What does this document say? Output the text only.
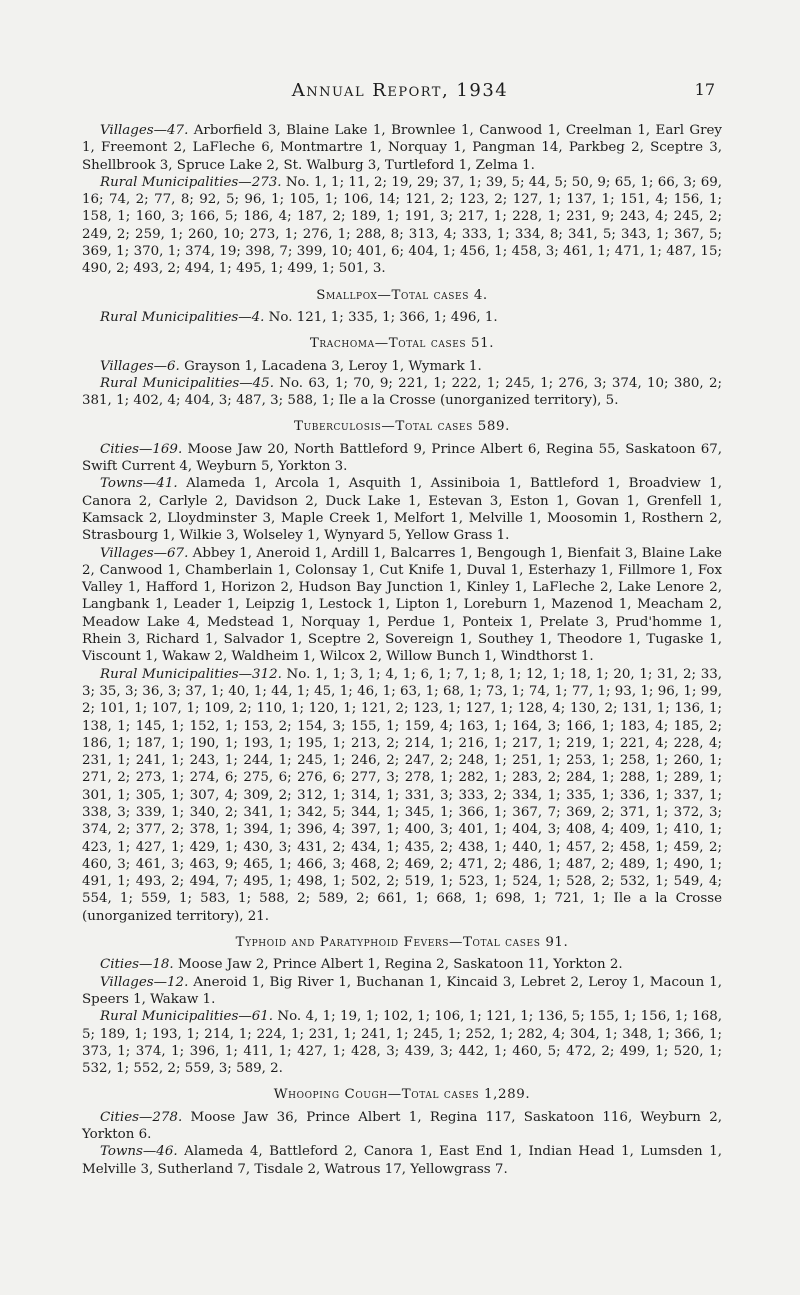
Annual Report, 1934	17

Villages—47. Arborfield 3, Blaine Lake 1, Brownlee 1, Canwood 1, Creelman 1, Earl Grey 1, Freemont 2, LaFleche 6, Montmartre 1, Norquay 1, Pangman 14, Parkbeg 2, Sceptre 3, Shellbrook 3, Spruce Lake 2, St. Walburg 3, Turtleford 1, Zelma 1.

Rural Municipalities—273. No. 1, 1; 11, 2; 19, 29; 37, 1; 39, 5; 44, 5; 50, 9; 65, 1; 66, 3; 69, 16; 74, 2; 77, 8; 92, 5; 96, 1; 105, 1; 106, 14; 121, 2; 123, 2; 127, 1; 137, 1; 151, 4; 156, 1; 158, 1; 160, 3; 166, 5; 186, 4; 187, 2; 189, 1; 191, 3; 217, 1; 228, 1; 231, 9; 243, 4; 245, 2; 249, 2; 259, 1; 260, 10; 273, 1; 276, 1; 288, 8; 313, 4; 333, 1; 334, 8; 341, 5; 343, 1; 367, 5; 369, 1; 370, 1; 374, 19; 398, 7; 399, 10; 401, 6; 404, 1; 456, 1; 458, 3; 461, 1; 471, 1; 487, 15; 490, 2; 493, 2; 494, 1; 495, 1; 499, 1; 501, 3.

Smallpox—Total cases 4.

Rural Municipalities—4. No. 121, 1; 335, 1; 366, 1; 496, 1.

Trachoma—Total cases 51.

Villages—6. Grayson 1, Lacadena 3, Leroy 1, Wymark 1.

Rural Municipalities—45. No. 63, 1; 70, 9; 221, 1; 222, 1; 245, 1; 276, 3; 374, 10; 380, 2; 381, 1; 402, 4; 404, 3; 487, 3; 588, 1; Ile a la Crosse (unorganized territory), 5.

Tuberculosis—Total cases 589.

Cities—169. Moose Jaw 20, North Battleford 9, Prince Albert 6, Regina 55, Saskatoon 67, Swift Current 4, Weyburn 5, Yorkton 3.

Towns—41. Alameda 1, Arcola 1, Asquith 1, Assiniboia 1, Battleford 1, Broadview 1, Canora 2, Carlyle 2, Davidson 2, Duck Lake 1, Estevan 3, Eston 1, Govan 1, Grenfell 1, Kamsack 2, Lloydminster 3, Maple Creek 1, Melfort 1, Melville 1, Moosomin 1, Rosthern 2, Strasbourg 1, Wilkie 3, Wolseley 1, Wynyard 5, Yellow Grass 1.

Villages—67. Abbey 1, Aneroid 1, Ardill 1, Balcarres 1, Bengough 1, Bienfait 3, Blaine Lake 2, Canwood 1, Chamberlain 1, Colonsay 1, Cut Knife 1, Duval 1, Esterhazy 1, Fillmore 1, Fox Valley 1, Hafford 1, Horizon 2, Hudson Bay Junction 1, Kinley 1, LaFleche 2, Lake Lenore 2, Langbank 1, Leader 1, Leipzig 1, Lestock 1, Lipton 1, Loreburn 1, Mazenod 1, Meacham 2, Meadow Lake 4, Medstead 1, Norquay 1, Perdue 1, Ponteix 1, Prelate 3, Prud'homme 1, Rhein 3, Richard 1, Salvador 1, Sceptre 2, Sovereign 1, Southey 1, Theodore 1, Tugaske 1, Viscount 1, Wakaw 2, Waldheim 1, Wilcox 2, Willow Bunch 1, Windthorst 1.

Rural Municipalities—312. No. 1, 1; 3, 1; 4, 1; 6, 1; 7, 1; 8, 1; 12, 1; 18, 1; 20, 1; 31, 2; 33, 3; 35, 3; 36, 3; 37, 1; 40, 1; 44, 1; 45, 1; 46, 1; 63, 1; 68, 1; 73, 1; 74, 1; 77, 1; 93, 1; 96, 1; 99, 2; 101, 1; 107, 1; 109, 2; 110, 1; 120, 1; 121, 2; 123, 1; 127, 1; 128, 4; 130, 2; 131, 1; 136, 1; 138, 1; 145, 1; 152, 1; 153, 2; 154, 3; 155, 1; 159, 4; 163, 1; 164, 3; 166, 1; 183, 4; 185, 2; 186, 1; 187, 1; 190, 1; 193, 1; 195, 1; 213, 2; 214, 1; 216, 1; 217, 1; 219, 1; 221, 4; 228, 4; 231, 1; 241, 1; 243, 1; 244, 1; 245, 1; 246, 2; 247, 2; 248, 1; 251, 1; 253, 1; 258, 1; 260, 1; 271, 2; 273, 1; 274, 6; 275, 6; 276, 6; 277, 3; 278, 1; 282, 1; 283, 2; 284, 1; 288, 1; 289, 1; 301, 1; 305, 1; 307, 4; 309, 2; 312, 1; 314, 1; 331, 3; 333, 2; 334, 1; 335, 1; 336, 1; 337, 1; 338, 3; 339, 1; 340, 2; 341, 1; 342, 5; 344, 1; 345, 1; 366, 1; 367, 7; 369, 2; 371, 1; 372, 3; 374, 2; 377, 2; 378, 1; 394, 1; 396, 4; 397, 1; 400, 3; 401, 1; 404, 3; 408, 4; 409, 1; 410, 1; 423, 1; 427, 1; 429, 1; 430, 3; 431, 2; 434, 1; 435, 2; 438, 1; 440, 1; 457, 2; 458, 1; 459, 2; 460, 3; 461, 3; 463, 9; 465, 1; 466, 3; 468, 2; 469, 2; 471, 2; 486, 1; 487, 2; 489, 1; 490, 1; 491, 1; 493, 2; 494, 7; 495, 1; 498, 1; 502, 2; 519, 1; 523, 1; 524, 1; 528, 2; 532, 1; 549, 4; 554, 1; 559, 1; 583, 1; 588, 2; 589, 2; 661, 1; 668, 1; 698, 1; 721, 1; Ile a la Crosse (unorganized territory), 21.

Typhoid and Paratyphoid Fevers—Total cases 91.

Cities—18. Moose Jaw 2, Prince Albert 1, Regina 2, Saskatoon 11, Yorkton 2.

Villages—12. Aneroid 1, Big River 1, Buchanan 1, Kincaid 3, Lebret 2, Leroy 1, Macoun 1, Speers 1, Wakaw 1.

Rural Municipalities—61. No. 4, 1; 19, 1; 102, 1; 106, 1; 121, 1; 136, 5; 155, 1; 156, 1; 168, 5; 189, 1; 193, 1; 214, 1; 224, 1; 231, 1; 241, 1; 245, 1; 252, 1; 282, 4; 304, 1; 348, 1; 366, 1; 373, 1; 374, 1; 396, 1; 411, 1; 427, 1; 428, 3; 439, 3; 442, 1; 460, 5; 472, 2; 499, 1; 520, 1; 532, 1; 552, 2; 559, 3; 589, 2.

Whooping Cough—Total cases 1,289.

Cities—278. Moose Jaw 36, Prince Albert 1, Regina 117, Saskatoon 116, Weyburn 2, Yorkton 6.

Towns—46. Alameda 4, Battleford 2, Canora 1, East End 1, Indian Head 1, Lumsden 1, Melville 3, Sutherland 7, Tisdale 2, Watrous 17, Yellowgrass 7.
